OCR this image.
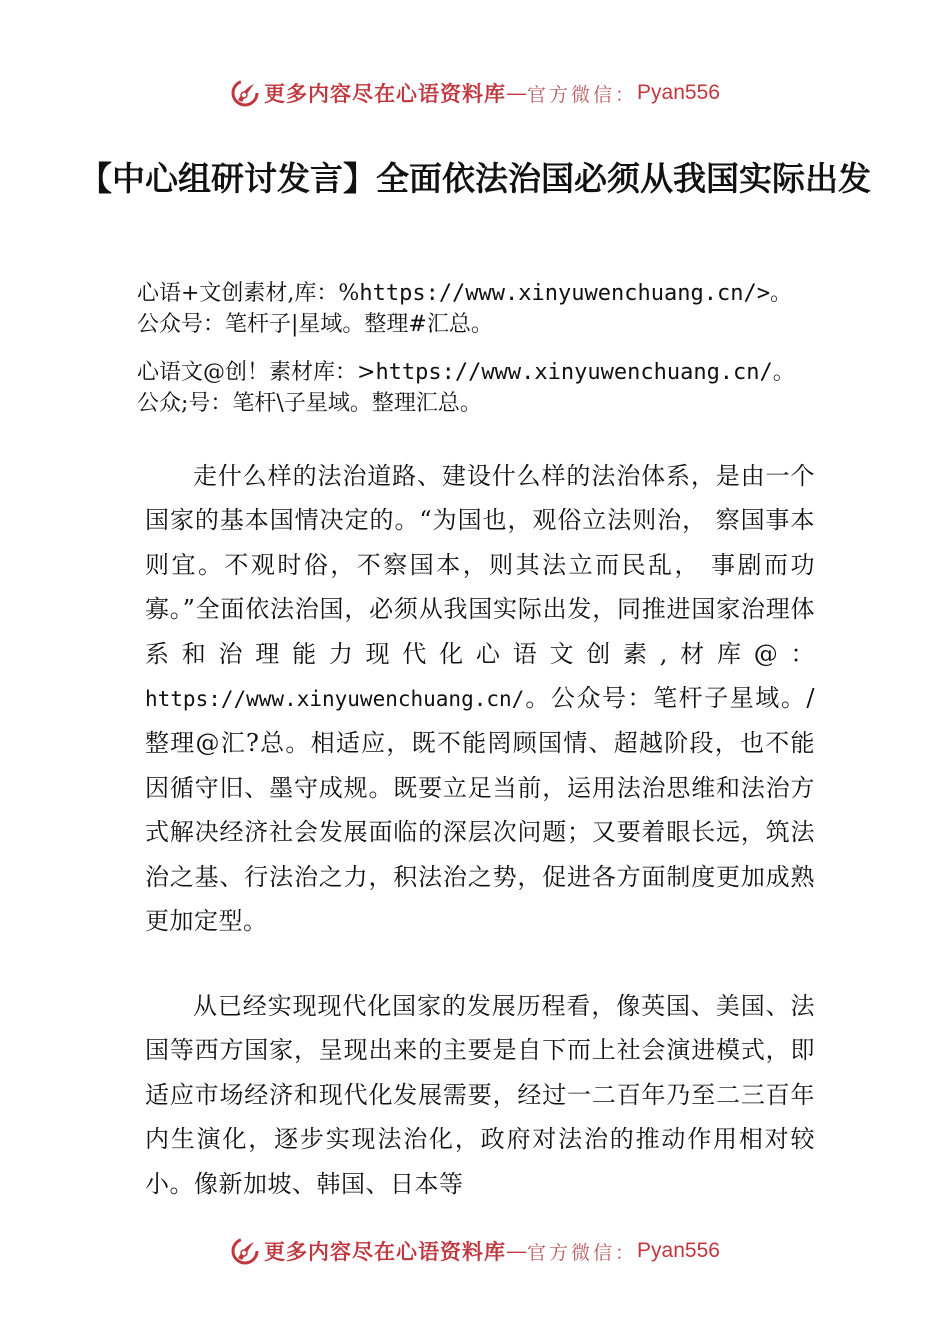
更多内容尽在心语资料库 — 官方微信： Pyan556
【中心组研讨发言】全面依法治国必须从我国实际出发
心语+文创素材,库：%https://www.xinyuwenchuang.cn/>。
公众号：笔杆子|星域。整理#汇总。
心语文@创！素材库：>https://www.xinyuwenchuang.cn/。
公众;号：笔杆\子星域。整理汇总。

走什么样的法治道路、建设什么样的法治体系，是由一个国家的基本国情决定的。“为国也，观俗立法则治， 察国事本则宜。不观时俗，不察国本，则其法立而民乱， 事剧而功寡。”全面依法治国，必须从我国实际出发，同推进国家治理体系和治理能力现代化心语文创素,材库@：https://www.xinyuwenchuang.cn/。公众号：笔杆子星域。/整理@汇?总。相适应，既不能罔顾国情、超越阶段，也不能因循守旧、墨守成规。既要立足当前，运用法治思维和法治方式解决经济社会发展面临的深层次问题；又要着眼长远，筑法治之基、行法治之力，积法治之势，促进各方面制度更加成熟更加定型。

从已经实现现代化国家的发展历程看，像英国、美国、法国等西方国家，呈现出来的主要是自下而上社会演进模式，即适应市场经济和现代化发展需要，经过一二百年乃至二三百年内生演化，逐步实现法治化，政府对法治的推动作用相对较小。像新加坡、韩国、日本等

更多内容尽在心语资料库 — 官方微信： Pyan556
